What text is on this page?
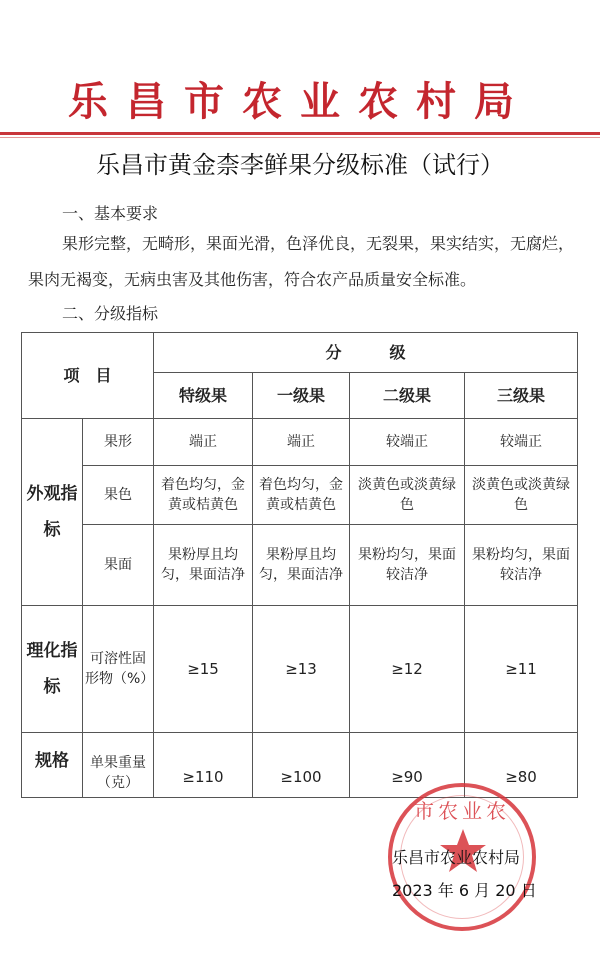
乐昌市农业农村局
乐昌市黄金柰李鲜果分级标准（试行）
一、基本要求
果形完整，无畸形，果面光滑，色泽优良，无裂果，果实结实，无腐烂，果肉无褐变，无病虫害及其他伤害，符合农产品质量安全标准。
二、分级指标
项　目		分　　　级			
		特级果	一级果	二级果	三级果
外观指标	果形	端正	端正	较端正	较端正
	果色	着色均匀，金黄或桔黄色	着色均匀，金黄或桔黄色	淡黄色或淡黄绿色	淡黄色或淡黄绿色
	果面	果粉厚且均匀，果面洁净	果粉厚且均匀，果面洁净	果粉均匀，果面较洁净	果粉均匀，果面较洁净
理化指标	可溶性固形物（%）	≥15	≥13	≥12	≥11
规格	单果重量（克）	≥110	≥100	≥90	≥80
市农业农
乐昌市农业农村局
2023 年 6 月 20 日
